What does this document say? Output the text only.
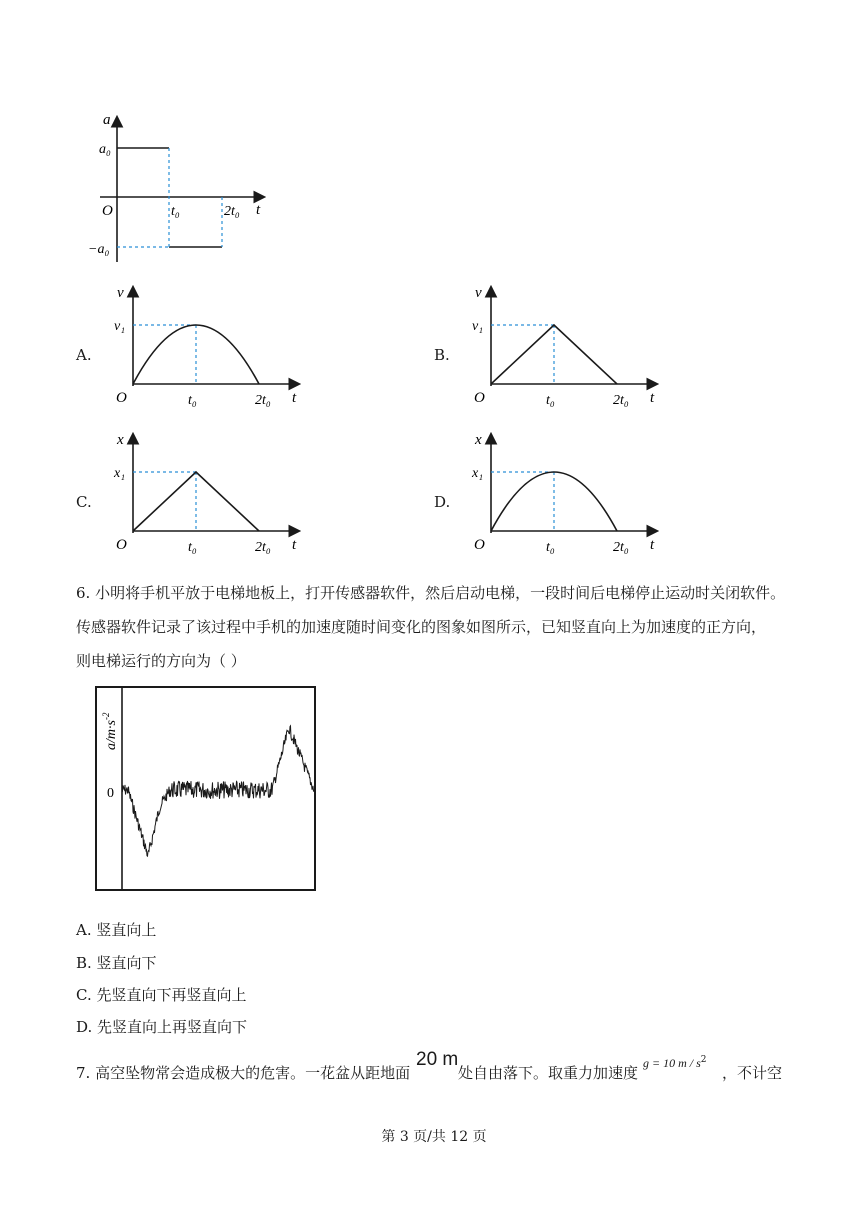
a
a₀
O	t₀	2t₀ t
−a₀
v
v₁
O	t₀	2t₀ t
v
v₁
O	t₀	2t₀ t
x
x₁
O	t₀	2t₀ t
x
x₁
O	t₀	2t₀ t
A.	B.
C.	D.
6. 小明将手机平放于电梯地板上，打开传感器软件，然后启动电梯，一段时间后电梯停止运动时关闭软件。
传感器软件记录了该过程中手机的加速度随时间变化的图象如图所示，已知竖直向上为加速度的正方向，
则电梯运行的方向为（ ）
0
$a/m\cdot s^{-2}$
A. 竖直向上
B. 竖直向下
C. 先竖直向下再竖直向上
D. 先竖直向上再竖直向下
7. 高空坠物常会造成极大的危害。一花盆从距地面
20 m
处自由落下。取重力加速度
g = 10 m / $s^2$
，不计空
第 3 页/共 12 页
